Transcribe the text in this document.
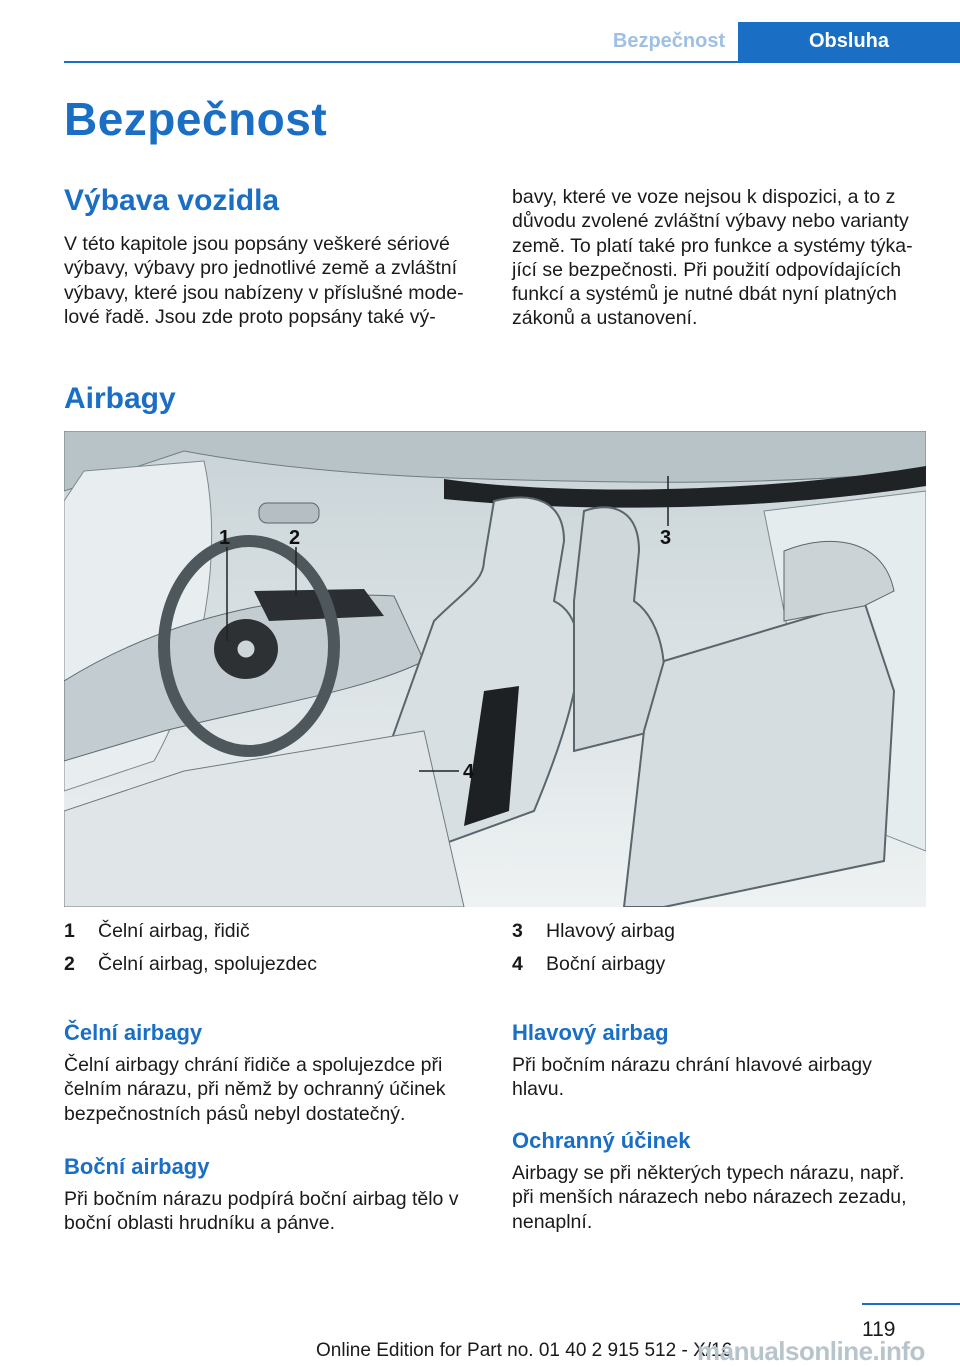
Bezpečnost	Obsluha
Bezpečnost
Výbava vozidla
V této kapitole jsou popsány veškeré sériové
výbavy, výbavy pro jednotlivé země a zvláštní
výbavy, které jsou nabízeny v příslušné mode-
lové řadě. Jsou zde proto popsány také vý-
bavy, které ve voze nejsou k dispozici, a to z
důvodu zvolené zvláštní výbavy nebo varianty
země. To platí také pro funkce a systémy týka-
jící se bezpečnosti. Při použití odpovídajících
funkcí a systémů je nutné dbát nyní platných
zákonů a ustanovení.
Airbagy
1	2	3
4
1	Čelní airbag, řidič
2	Čelní airbag, spolujezdec
3	Hlavový airbag
4	Boční airbagy
Čelní airbagy
Čelní airbagy chrání řidiče a spolujezdce při
čelním nárazu, při němž by ochranný účinek
bezpečnostních pásů nebyl dostatečný.
Boční airbagy
Při bočním nárazu podpírá boční airbag tělo v
boční oblasti hrudníku a pánve.
Hlavový airbag
Při bočním nárazu chrání hlavové airbagy
hlavu.
Ochranný účinek
Airbagy se při některých typech nárazu, např.
při menších nárazech nebo nárazech zezadu,
nenaplní.
119
Online Edition for Part no. 01 40 2 915 512 - X/16
manualsonline.info
